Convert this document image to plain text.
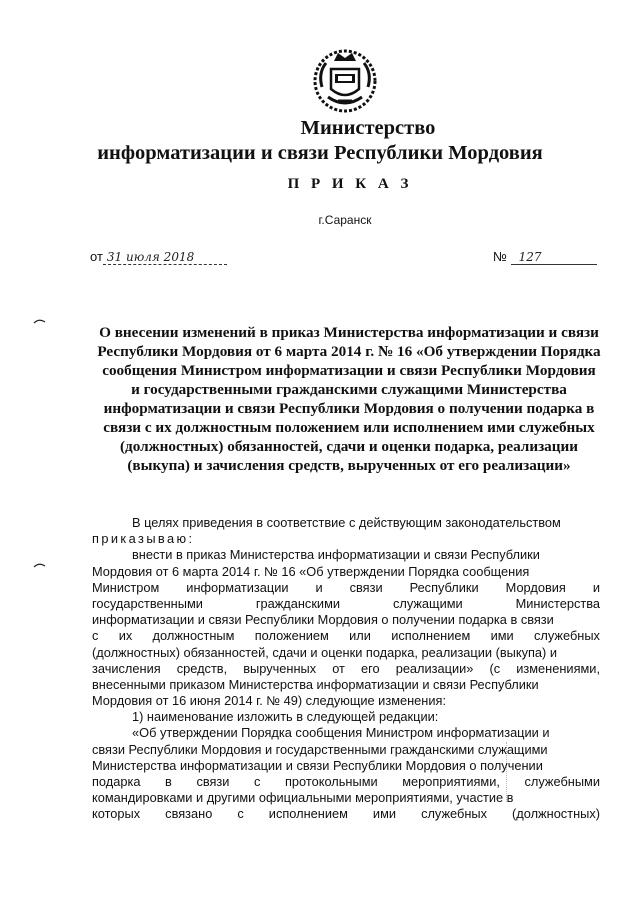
Министерство
информатизации и связи Республики Мордовия
П Р И К А З
г.Саранск
от 31 июля 2018	№ 127
О внесении изменений в приказ Министерства информатизации и связи
Республики Мордовия от 6 марта 2014 г. № 16 «Об утверждении Порядка
сообщения Министром информатизации и связи Республики Мордовия
и государственными гражданскими служащими Министерства
информатизации и связи Республики Мордовия о получении подарка в
связи с их должностным положением или исполнением ими служебных
(должностных) обязанностей, сдачи и оценки подарка, реализации
(выкупа) и зачисления средств, вырученных от его реализации»
В целях приведения в соответствие с действующим законодательством
приказываю:
внести в приказ Министерства информатизации и связи Республики
Мордовия от 6 марта 2014 г. № 16 «Об утверждении Порядка сообщения
Министром информатизации и связи Республики Мордовия и
государственными	гражданскими	служащими	Министерства
информатизации и связи Республики Мордовия о получении подарка в связи
с их должностным положением или исполнением ими служебных
(должностных) обязанностей, сдачи и оценки подарка, реализации (выкупа) и
зачисления средств, вырученных от его реализации» (с изменениями,
внесенными приказом Министерства информатизации и связи Республики
Мордовия от 16 июня 2014 г. № 49) следующие изменения:
1) наименование изложить в следующей редакции:
«Об утверждении Порядка сообщения Министром информатизации и
связи Республики Мордовия и государственными гражданскими служащими
Министерства информатизации и связи Республики Мордовия о получении
подарка в связи с протокольными мероприятиями, служебными
командировками и другими официальными мероприятиями, участие в
которых связано с исполнением ими служебных (должностных)
